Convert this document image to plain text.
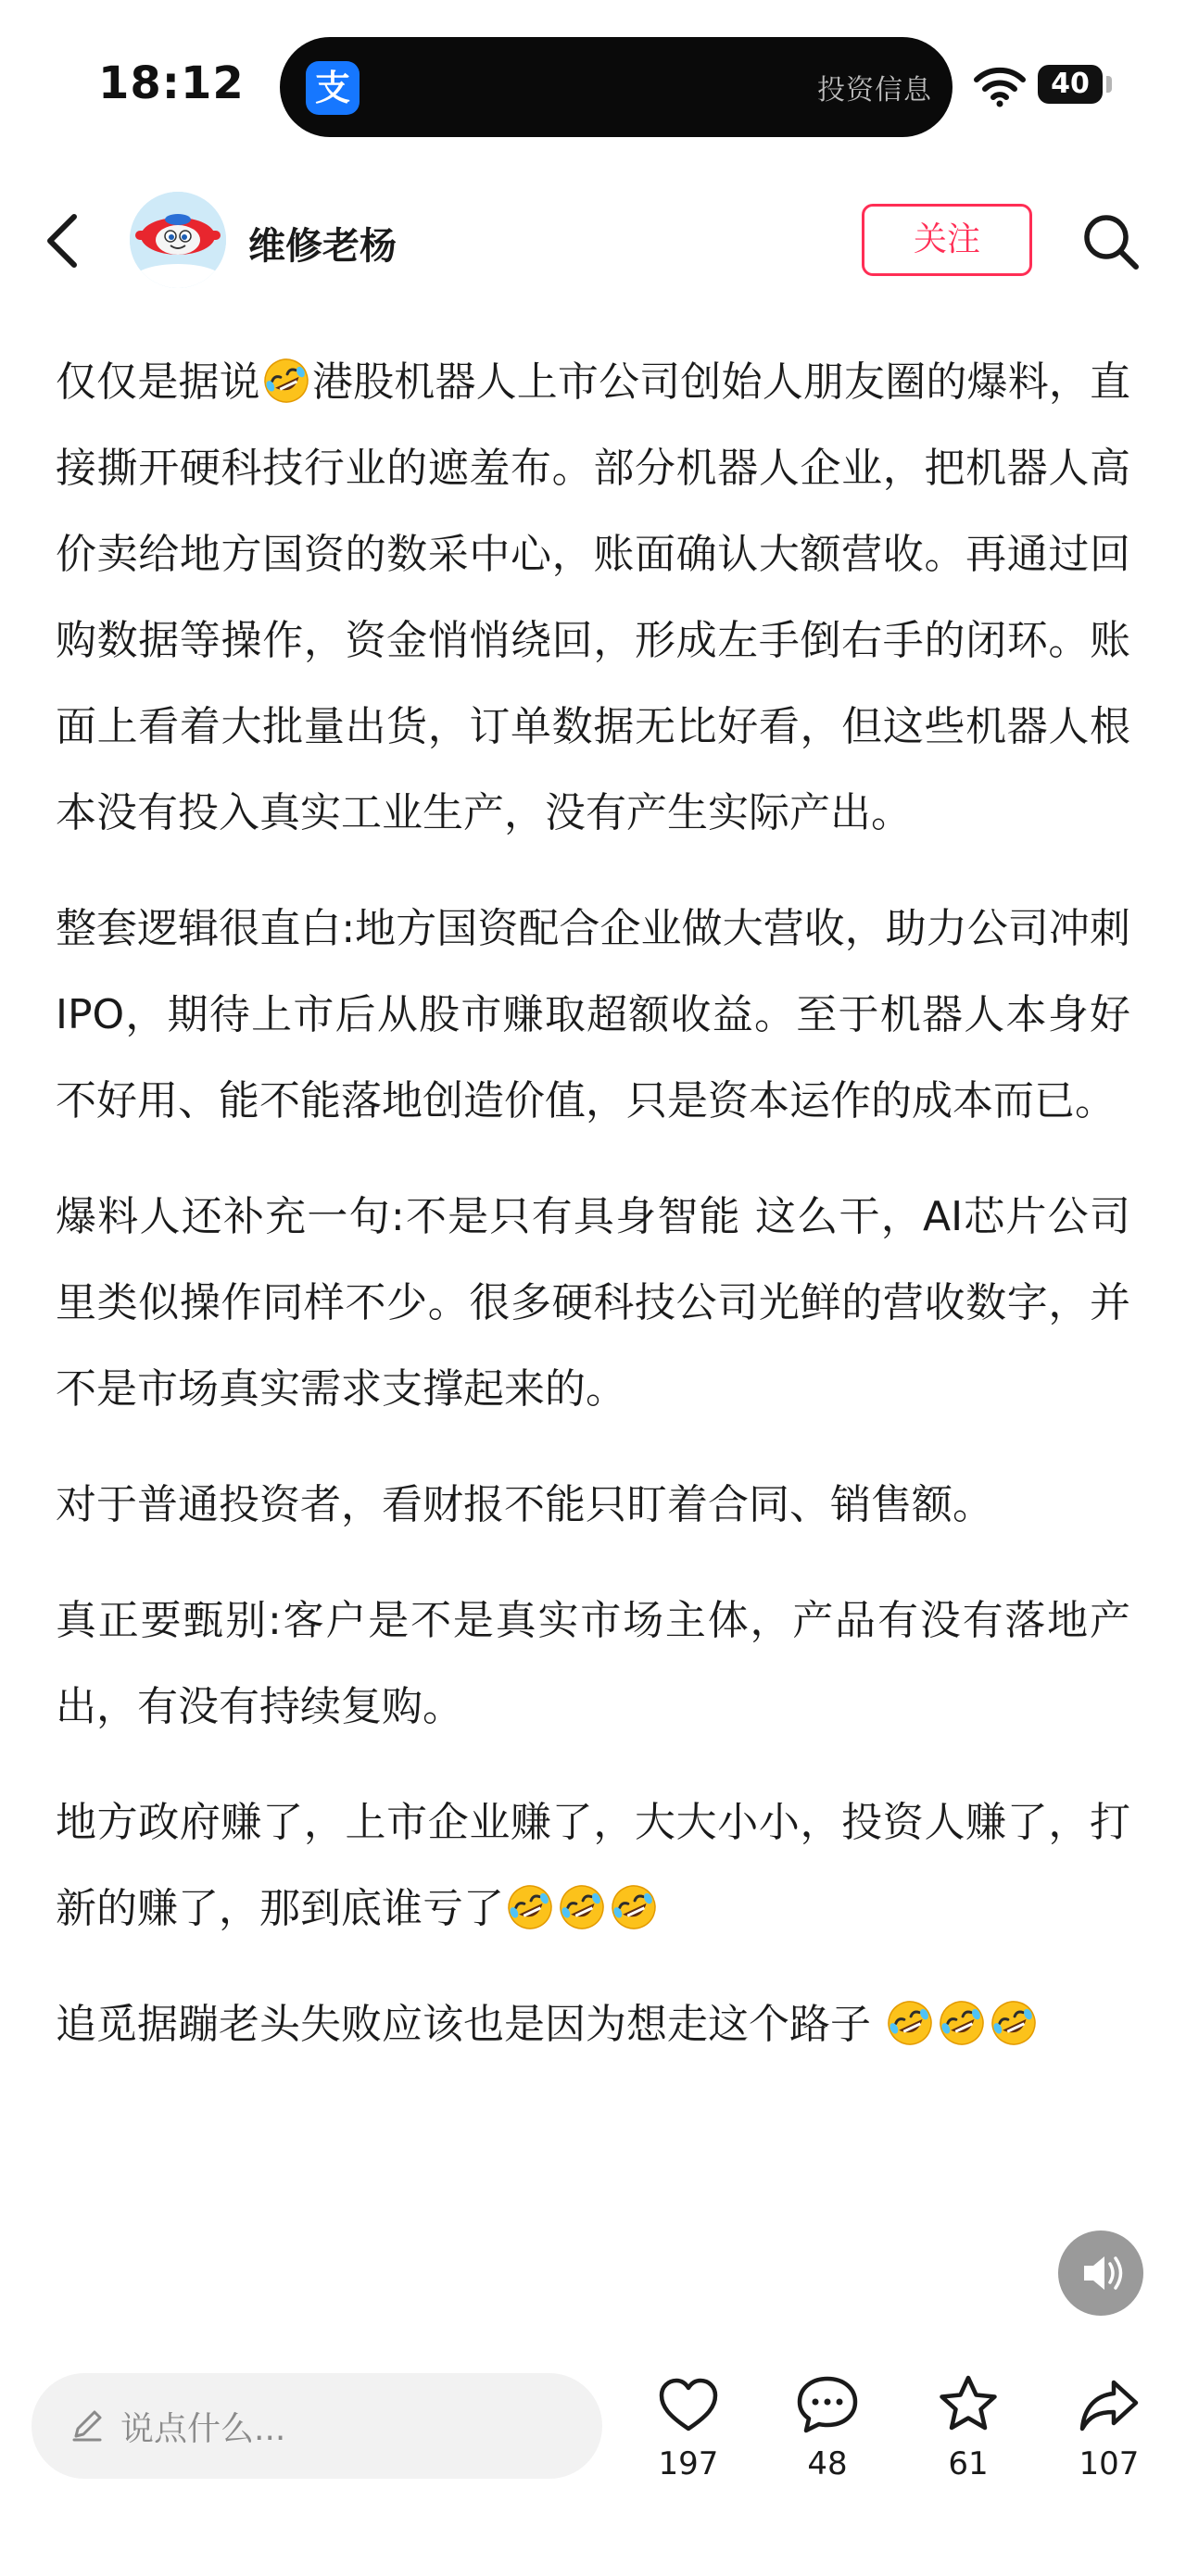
18:12 支	投资信息	40
维修老杨	关注

仅仅是据说 港股机器人上市公司创始人朋友圈的爆料，直接撕开硬科技行业的遮羞布。部分机器人企业，把机器人高价卖给地方国资的数采中心，账面确认大额营收。再通过回购数据等操作，资金悄悄绕回，形成左手倒右手的闭环。账面上看着大批量出货，订单数据无比好看，但这些机器人根本没有投入真实工业生产，没有产生实际产出。

整套逻辑很直白:地方国资配合企业做大营收，助力公司冲刺IPO，期待上市后从股市赚取超额收益。至于机器人本身好不好用、能不能落地创造价值，只是资本运作的成本而已。

爆料人还补充一句:不是只有具身智能 这么干，AI芯片公司里类似操作同样不少。很多硬科技公司光鲜的营收数字，并不是市场真实需求支撑起来的。

对于普通投资者，看财报不能只盯着合同、销售额。

真正要甄别:客户是不是真实市场主体，产品有没有落地产出，有没有持续复购。

地方政府赚了，上市企业赚了，大大小小，投资人赚了，打新的赚了，那到底谁亏了

追觅据蹦老头失败应该也是因为想走这个路子

说点什么...
197	48	61	107
